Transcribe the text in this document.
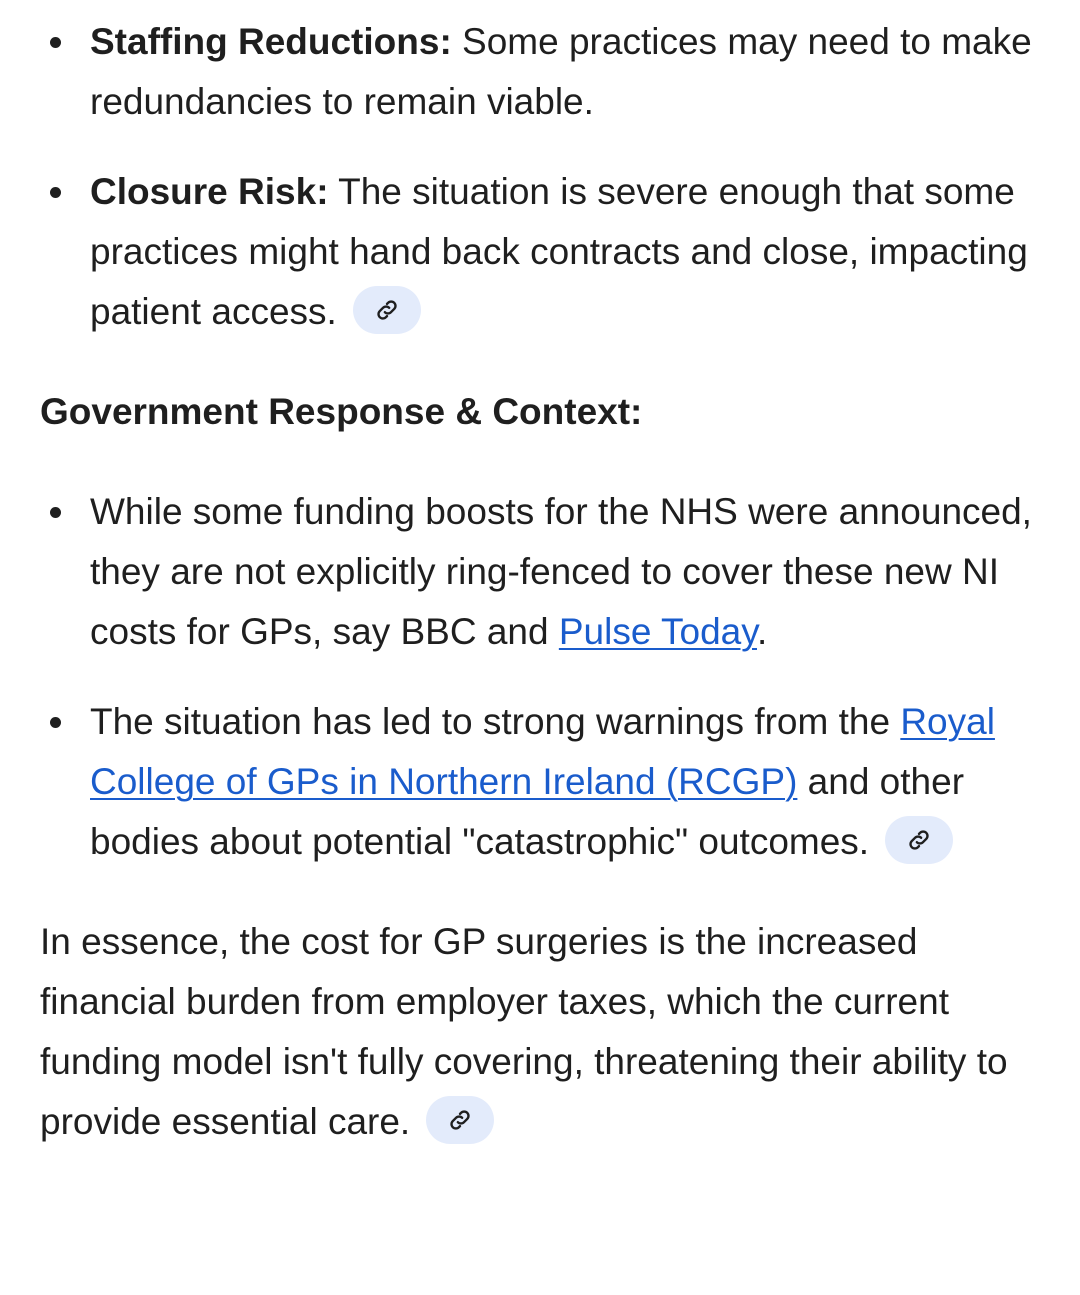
Staffing Reductions: Some practices may need to make redundancies to remain viable.
Closure Risk: The situation is severe enough that some practices might hand back contracts and close, impacting patient access.
Government Response & Context:
While some funding boosts for the NHS were announced, they are not explicitly ring-fenced to cover these new NI costs for GPs, say BBC and Pulse Today.
The situation has led to strong warnings from the Royal College of GPs in Northern Ireland (RCGP) and other bodies about potential "catastrophic" outcomes.

In essence, the cost for GP surgeries is the increased financial burden from employer taxes, which the current funding model isn't fully covering, threatening their ability to provide essential care.
